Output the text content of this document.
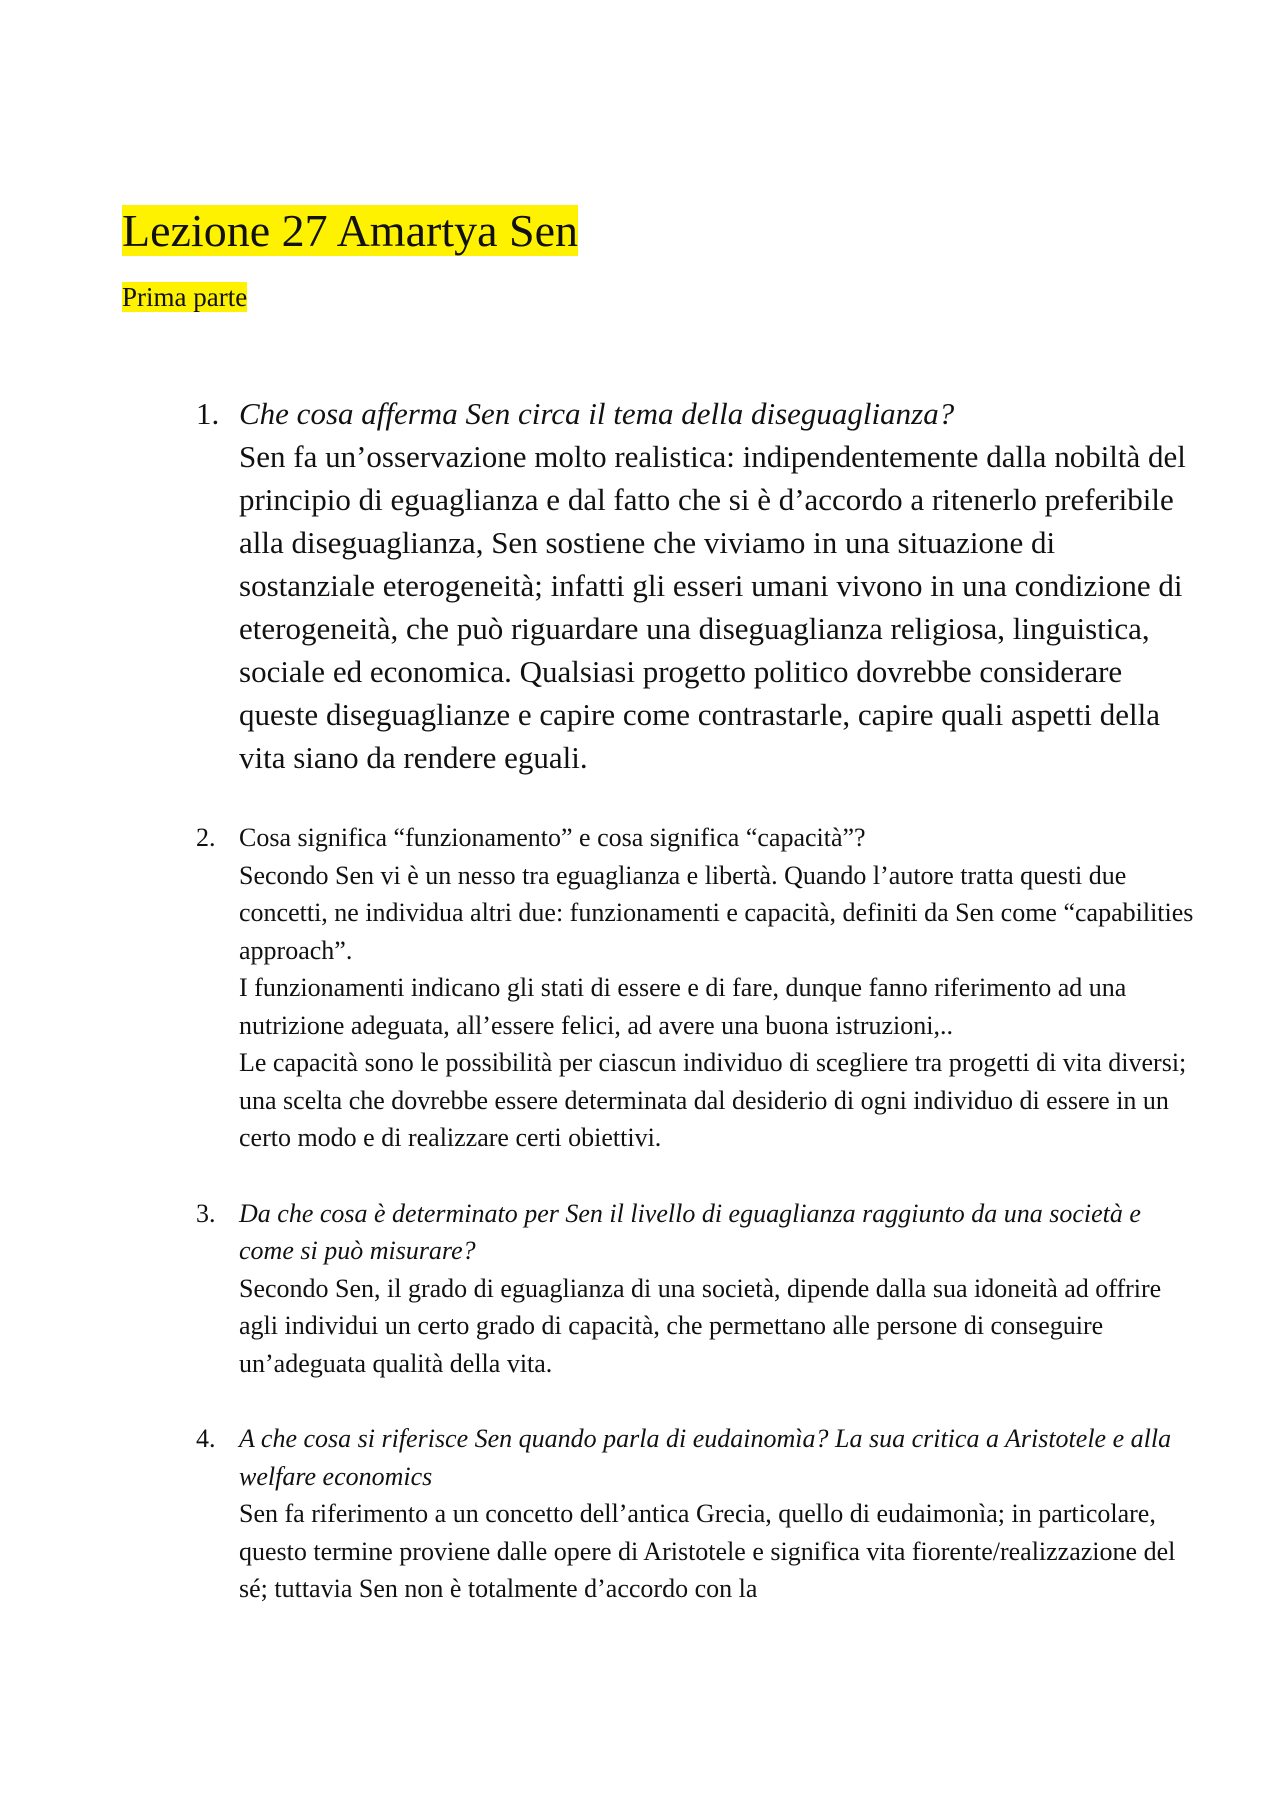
Lezione 27 Amartya Sen
Prima parte
1. Che cosa afferma Sen circa il tema della diseguaglianza?

Sen fa un’osservazione molto realistica: indipendentemente dalla nobiltà del principio di eguaglianza e dal fatto che si è d’accordo a ritenerlo preferibile alla diseguaglianza, Sen sostiene che viviamo in una situazione di sostanziale eterogeneità; infatti gli esseri umani vivono in una condizione di eterogeneità, che può riguardare una diseguaglianza religiosa, linguistica, sociale ed economica. Qualsiasi progetto politico dovrebbe considerare queste diseguaglianze e capire come contrastarle, capire quali aspetti della vita siano da rendere eguali.

2. Cosa significa “funzionamento” e cosa significa “capacità”?

Secondo Sen vi è un nesso tra eguaglianza e libertà. Quando l’autore tratta questi due concetti, ne individua altri due: funzionamenti e capacità, definiti da Sen come “capabilities approach”.

I funzionamenti indicano gli stati di essere e di fare, dunque fanno riferimento ad una nutrizione adeguata, all’essere felici, ad avere una buona istruzioni,..

Le capacità sono le possibilità per ciascun individuo di scegliere tra progetti di vita diversi; una scelta che dovrebbe essere determinata dal desiderio di ogni individuo di essere in un certo modo e di realizzare certi obiettivi.

3. Da che cosa è determinato per Sen il livello di eguaglianza raggiunto da una società e come si può misurare?

Secondo Sen, il grado di eguaglianza di una società, dipende dalla sua idoneità ad offrire agli individui un certo grado di capacità, che permettano alle persone di conseguire un’adeguata qualità della vita.

4. A che cosa si riferisce Sen quando parla di eudainomìa? La sua critica a Aristotele e alla welfare economics

Sen fa riferimento a un concetto dell’antica Grecia, quello di eudaimonìa; in particolare, questo termine proviene dalle opere di Aristotele e significa vita fiorente/realizzazione del sé; tuttavia Sen non è totalmente d’accordo con la
